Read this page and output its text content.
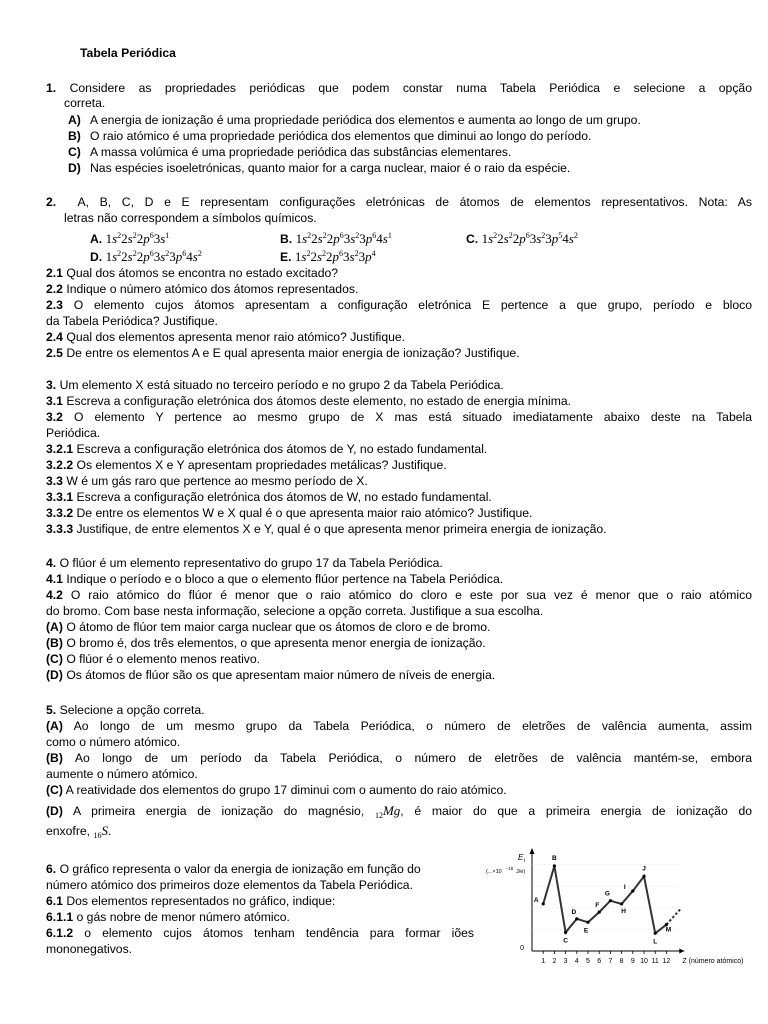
Tabela Periódica
1. Considere as propriedades periódicas que podem constar numa Tabela Periódica e selecione a opção
correta.
A) A energia de ionização é uma propriedade periódica dos elementos e aumenta ao longo de um grupo.
B) O raio atómico é uma propriedade periódica dos elementos que diminui ao longo do período.
C) A massa volúmica é uma propriedade periódica das substâncias elementares.
D) Nas espécies isoeletrónicas, quanto maior for a carga nuclear, maior é o raio da espécie.
2. A, B, C, D e E representam configurações eletrónicas de átomos de elementos representativos. Nota: As
letras não correspondem a símbolos químicos.
A. $1s^22s^22p^63s^1$	B. $1s^22s^22p^63s^23p^64s^1$	C. $1s^22s^22p^63s^23p^54s^2$
D. $1s^22s^22p^63s^23p^64s^2$	E. $1s^22s^22p^63s^23p^4$
2.1 Qual dos átomos se encontra no estado excitado?
2.2 Indique o número atómico dos átomos representados.
2.3 O elemento cujos átomos apresentam a configuração eletrónica E pertence a que grupo, período e bloco
da Tabela Periódica? Justifique.
2.4 Qual dos elementos apresenta menor raio atómico? Justifique.
2.5 De entre os elementos A e E qual apresenta maior energia de ionização? Justifique.
3. Um elemento X está situado no terceiro período e no grupo 2 da Tabela Periódica.
3.1 Escreva a configuração eletrónica dos átomos deste elemento, no estado de energia mínima.
3.2 O elemento Y pertence ao mesmo grupo de X mas está situado imediatamente abaixo deste na Tabela
Periódica.
3.2.1 Escreva a configuração eletrónica dos átomos de Y, no estado fundamental.
3.2.2 Os elementos X e Y apresentam propriedades metálicas? Justifique.
3.3 W é um gás raro que pertence ao mesmo período de X.
3.3.1 Escreva a configuração eletrónica dos átomos de W, no estado fundamental.
3.3.2 De entre os elementos W e X qual é o que apresenta maior raio atómico? Justifique.
3.3.3 Justifique, de entre elementos X e Y, qual é o que apresenta menor primeira energia de ionização.
4. O flúor é um elemento representativo do grupo 17 da Tabela Periódica.
4.1 Indique o período e o bloco a que o elemento flúor pertence na Tabela Periódica.
4.2 O raio atómico do flúor é menor que o raio atómico do cloro e este por sua vez é menor que o raio atómico
do bromo. Com base nesta informação, selecione a opção correta. Justifique a sua escolha.
(A) O átomo de flúor tem maior carga nuclear que os átomos de cloro e de bromo.
(B) O bromo é, dos três elementos, o que apresenta menor energia de ionização.
(C) O flúor é o elemento menos reativo.
(D) Os átomos de flúor são os que apresentam maior número de níveis de energia.
5. Selecione a opção correta.
(A) Ao longo de um mesmo grupo da Tabela Periódica, o número de eletrões de valência aumenta, assim
como o número atómico.
(B) Ao longo de um período da Tabela Periódica, o número de eletrões de valência mantém-se, embora
aumente o número atómico.
(C) A reatividade dos elementos do grupo 17 diminui com o aumento do raio atómico.
(D) A primeira energia de ionização do magnésio, $_{12}$Mg, é maior do que a primeira energia de ionização do
enxofre, $_{16}$S.
6. O gráfico representa o valor da energia de ionização em função do
número atómico dos primeiros doze elementos da Tabela Periódica.
6.1 Dos elementos representados no gráfico, indique:
6.1.1 o gás nobre de menor número atómico.
6.1.2 o elemento cujos átomos tenham tendência para formar iões
mononegativos.
1 2 3 4 5 6 7 8 9 10 11 12
0
Z (número atómico)
E i
(...×10
−18
J/e)
A
B
C
D
E
F
G
H
I
J
L
M
